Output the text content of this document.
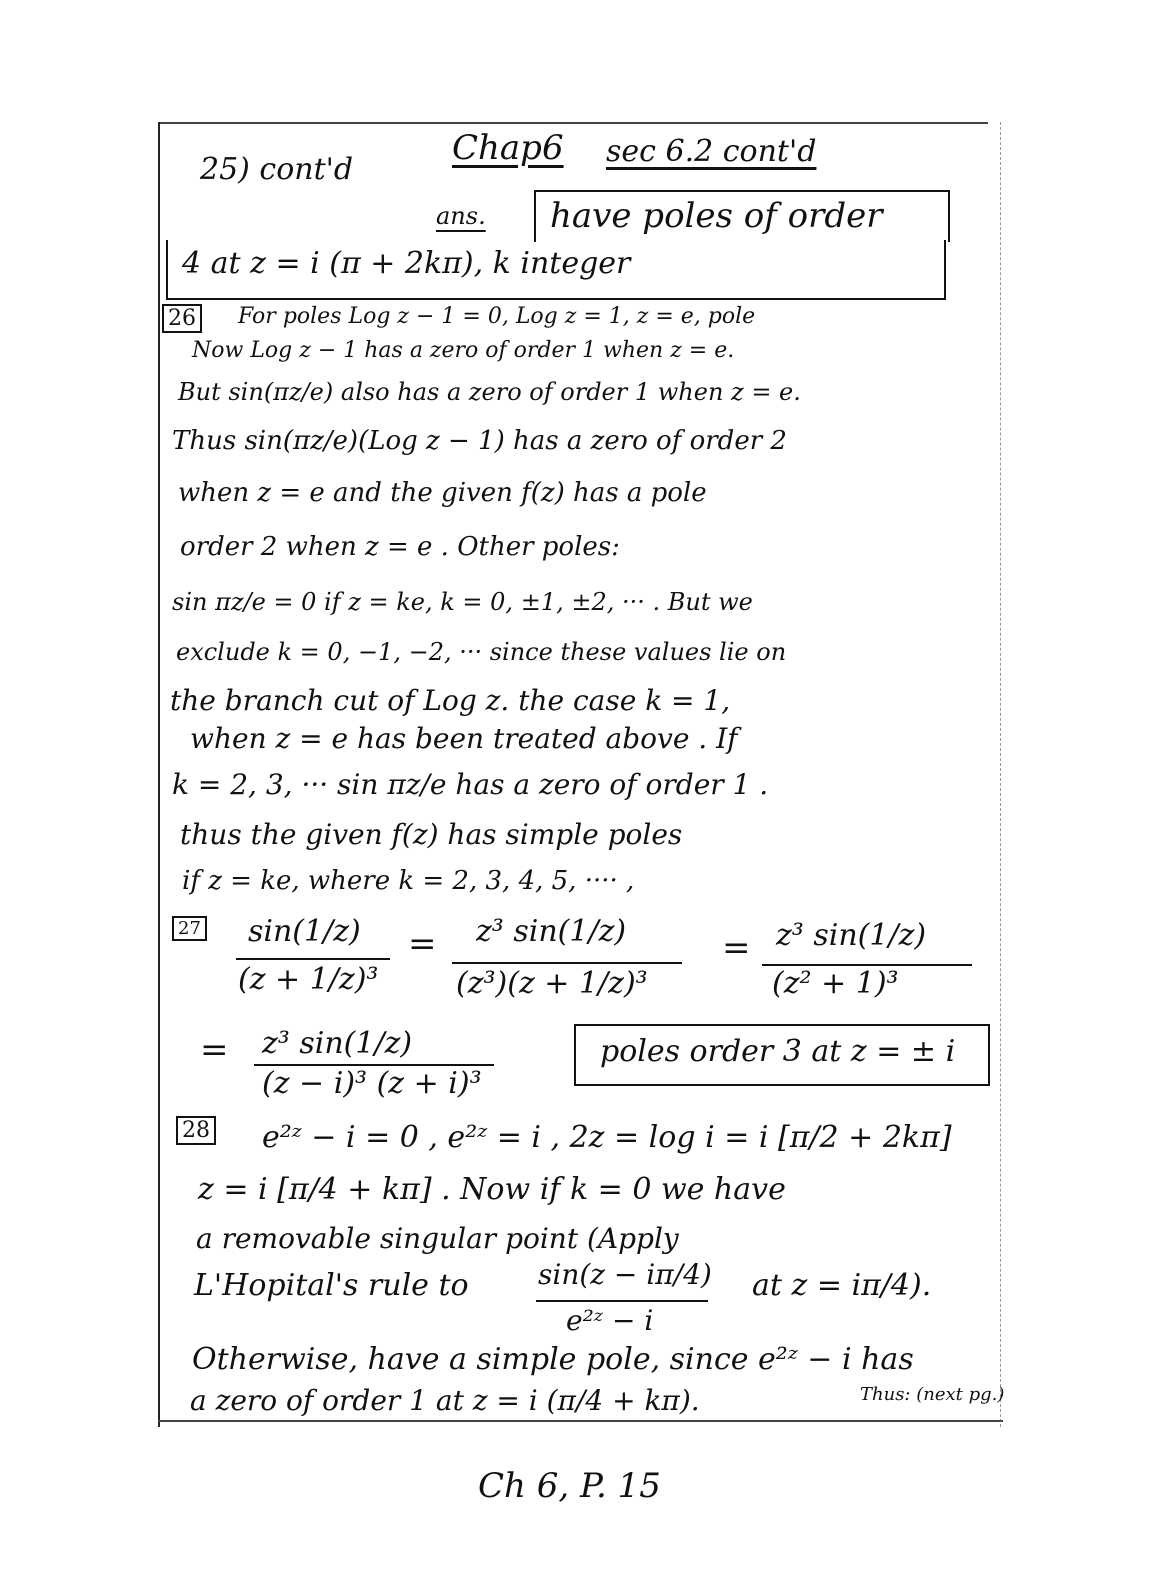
25) cont'd
Chap6 sec 6.2 cont'd
ans. have poles of order
4 at z = i (π + 2kπ), k integer
26 For poles Log z − 1 = 0, Log z = 1, z = e, pole
Now Log z − 1 has a zero of order 1 when z = e.
But sin(πz/e) also has a zero of order 1 when z = e.
Thus sin(πz/e)(Log z − 1) has a zero of order 2
when z = e and the given f(z) has a pole
order 2 when z = e . Other poles:
sin πz/e = 0 if z = ke, k = 0, ±1, ±2, ··· . But we
exclude k = 0, −1, −2, ··· since these values lie on
the branch cut of Log z. the case k = 1,
when z = e has been treated above . If
k = 2, 3, ··· sin πz/e has a zero of order 1 .
thus the given f(z) has simple poles
if z = ke, where k = 2, 3, 4, 5, ···· ,
27 sin(1/z)
(z + 1/z)³
= z³ sin(1/z)
(z³)(z + 1/z)³
= z³ sin(1/z)
(z² + 1)³
= z³ sin(1/z)
(z − i)³ (z + i)³
poles order 3 at z = ± i
28 e²ᶻ − i = 0 , e²ᶻ = i , 2z = log i = i [π/2 + 2kπ]
z = i [π/4 + kπ] . Now if k = 0 we have
a removable singular point (Apply
L'Hopital's rule to sin(z − iπ/4)
e²ᶻ − i
at z = iπ/4).
Otherwise, have a simple pole, since e²ᶻ − i has
a zero of order 1 at z = i (π/4 + kπ).	Thus: (next pg.)
Ch 6, P. 15
